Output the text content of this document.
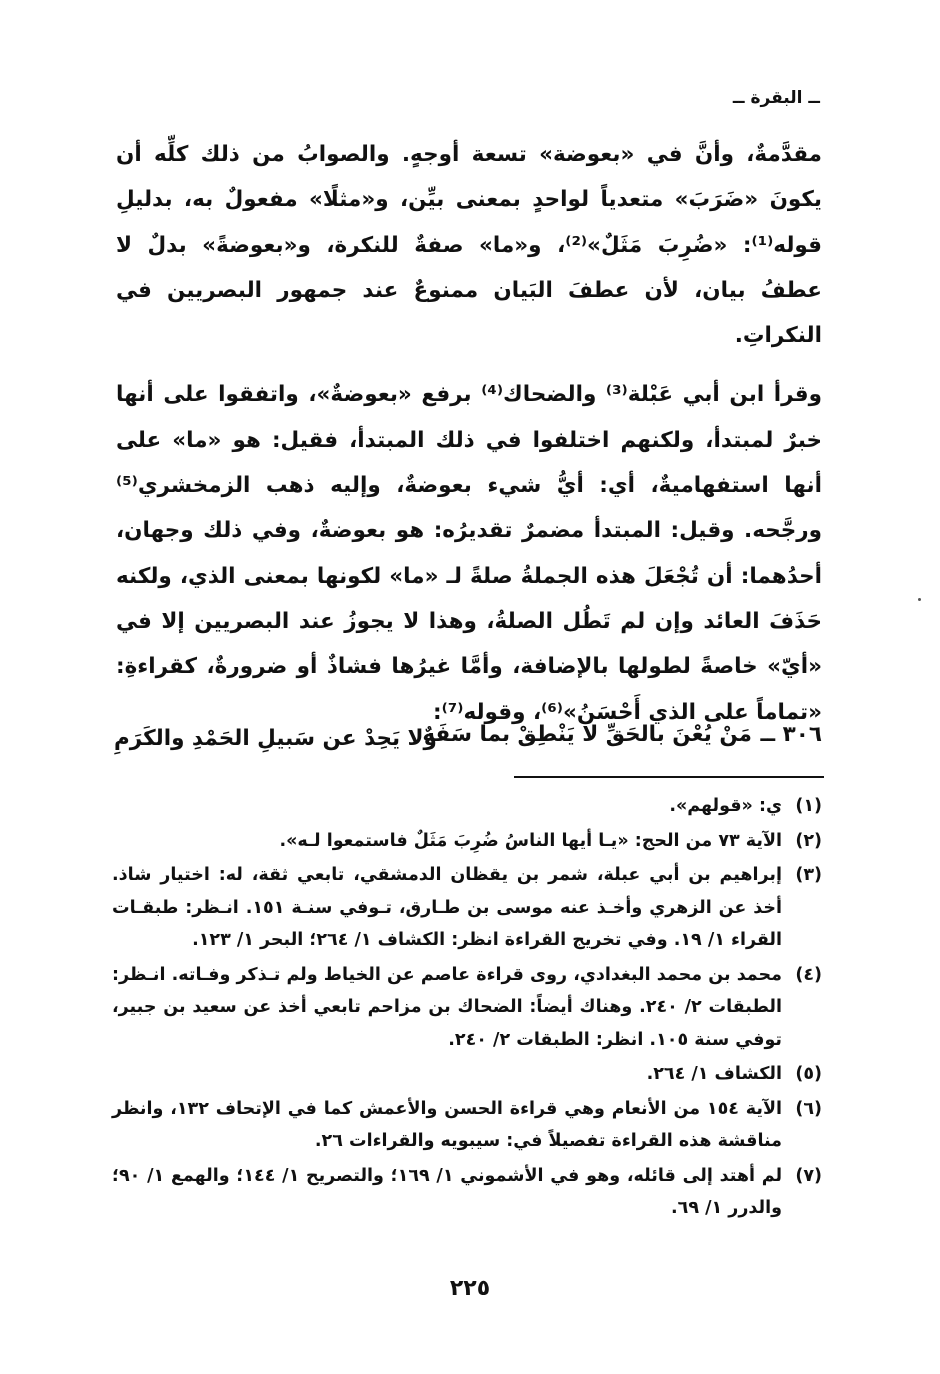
ــ البقرة ــ

مقدَّمةٌ، وأنَّ في «بعوضة» تسعة أوجهٍ. والصوابُ من ذلك كلِّه أن يكونَ «ضَرَبَ» متعدياً لواحدٍ بمعنى بيِّن، و«مثلًا» مفعولٌ به، بدليلِ قوله⁽¹⁾: «ضُرِبَ مَثَلٌ»⁽²⁾، و«ما» صفةٌ للنكرة، و«بعوضةً» بدلٌ لا عطفُ بيان، لأن عطفَ البَيان ممنوعٌ عند جمهور البصريين في النكراتِ.

وقرأ ابن أبي عَبْلة⁽³⁾ والضحاك⁽⁴⁾ برفع «بعوضةٌ»، واتفقوا على أنها خبرٌ لمبتدأ، ولكنهم اختلفوا في ذلك المبتدأ، فقيل: هو «ما» على أنها استفهاميةٌ، أي: أيُّ شيء بعوضةٌ، وإليه ذهب الزمخشري⁽⁵⁾ ورجَّحه. وقيل: المبتدأ مضمرٌ تقديرُه: هو بعوضةٌ، وفي ذلك وجهان، أحدُهما: أن تُجْعَلَ هذه الجملةُ صلةً لـ «ما» لكونها بمعنى الذي، ولكنه حَذَفَ العائد وإن لم تَطُل الصلةُ، وهذا لا يجوزُ عند البصريين إلا في «أيّ» خاصةً لطولها بالإضافة، وأمَّا غيرُها فشاذٌ أو ضرورةٌ، كقراءةِ: «تماماً على الذي أَحْسَنُ»⁽⁶⁾، وقوله⁽⁷⁾:

٣٠٦ ــ
مَنْ يُعْنَ بالحَقِّ لا يَنْطِقْ بما سَفَهٌ
ولا يَحِدْ عن سَبيلِ الحَمْدِ والكَرَمِ
(١)
ي: «قولهم».
(٢)
الآية ٧٣ من الحج: «يـا أيها الناسُ ضُرِبَ مَثَلٌ فاستمعوا لـه».
(٣)
إبراهيم بن أبي عبلة، شمر بن يقظان الدمشقي، تابعي ثقة، له: اختيار شاذ. أخذ عن الزهري وأخـذ عنه موسى بن طـارق، تـوفي سنـة ١٥١. انـظر: طبقـات القراء ١/ ١٩. وفي تخريج القراءة انظر: الكشاف ١/ ٢٦٤؛ البحر ١/ ١٢٣.
(٤)
محمد بن محمد البغدادي، روى قراءة عاصم عن الخياط ولم تـذكر وفـاته. انـظر: الطبقات ٢/ ٢٤٠. وهناك أيضاً: الضحاك بن مزاحم تابعي أخذ عن سعيد بن جبير، توفي سنة ١٠٥. انظر: الطبقات ٢/ ٢٤٠.
(٥)
الكشاف ١/ ٢٦٤.
(٦)
الآية ١٥٤ من الأنعام وهي قراءة الحسن والأعمش كما في الإتحاف ١٣٢، وانظر مناقشة هذه القراءة تفصيلاً في: سيبويه والقراءات ٢٦.
(٧)
لم أهتد إلى قائله، وهو في الأشموني ١/ ١٦٩؛ والتصريح ١/ ١٤٤؛ والهمع ١/ ٩٠؛ والدرر ١/ ٦٩.
٢٢٥
